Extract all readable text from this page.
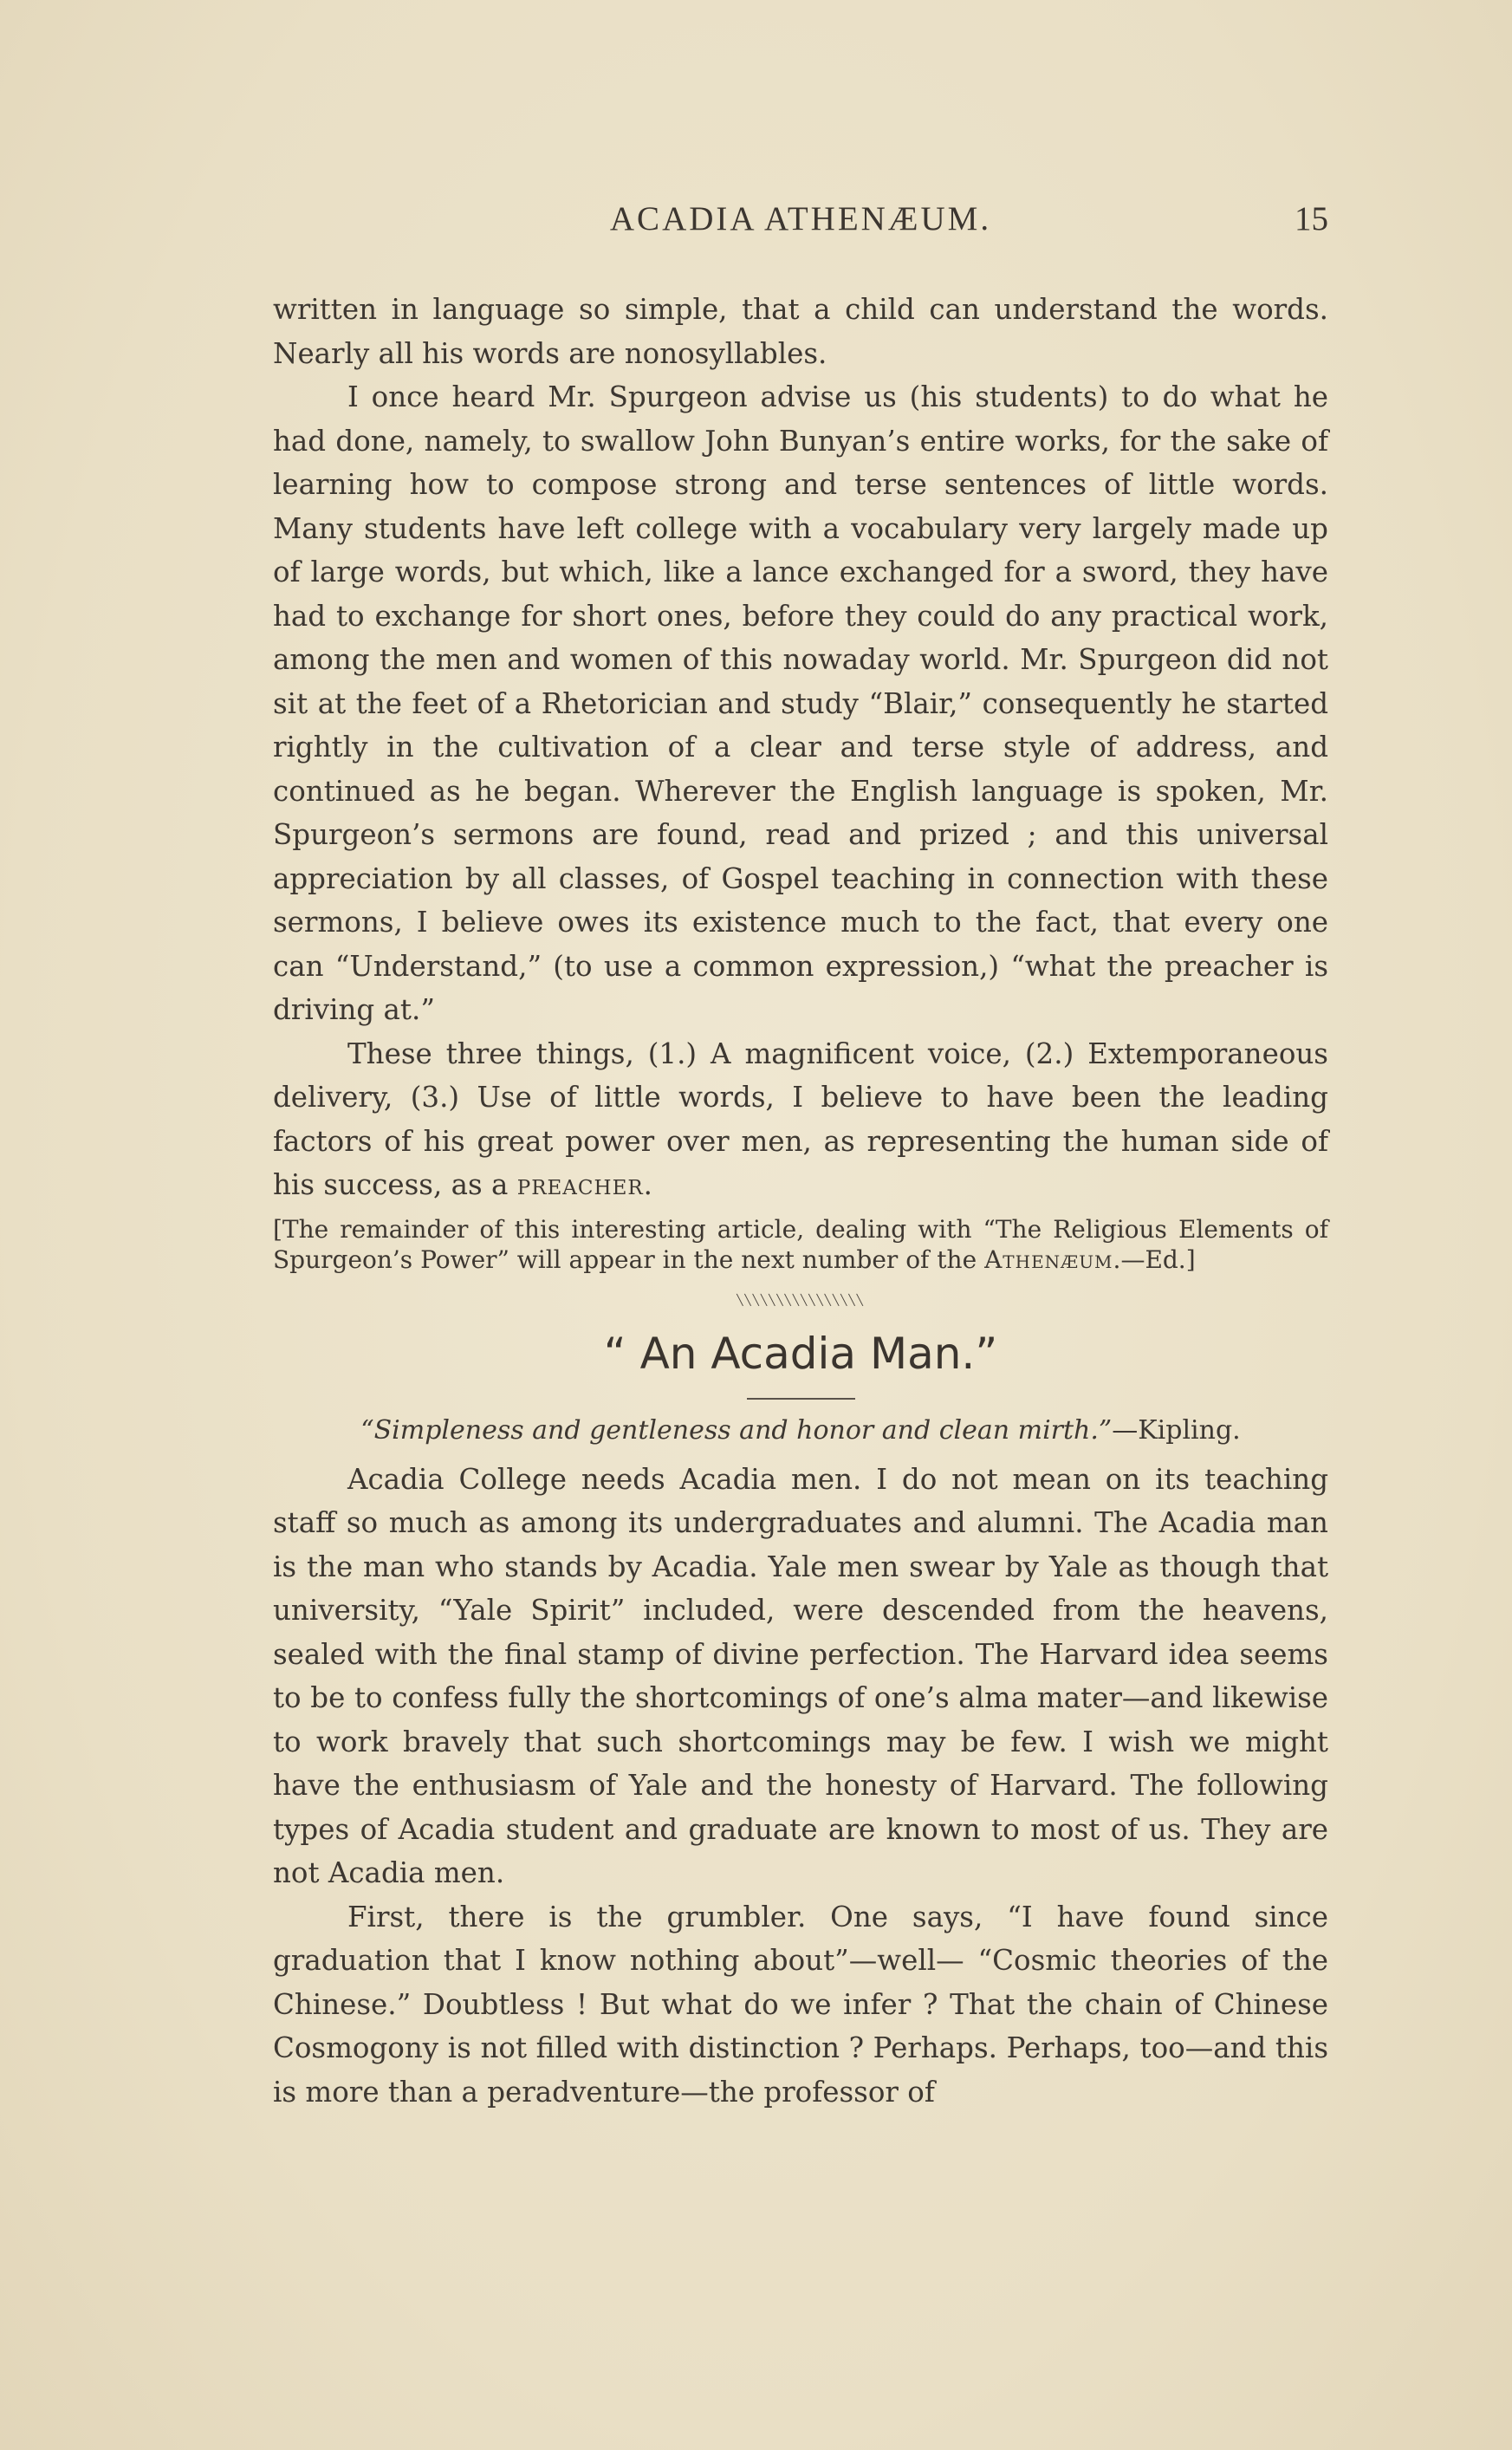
ACADIA ATHENÆUM.	15

written in language so simple, that a child can understand the words. Nearly all his words are nonosyllables.

I once heard Mr. Spurgeon advise us (his students) to do what he had done, namely, to swallow John Bunyan’s entire works, for the sake of learning how to compose strong and terse sentences of little words. Many students have left college with a vocabulary very largely made up of large words, but which, like a lance exchanged for a sword, they have had to exchange for short ones, before they could do any practical work, among the men and women of this nowaday world. Mr. Spurgeon did not sit at the feet of a Rhetorician and study “Blair,” consequently he started rightly in the cultivation of a clear and terse style of address, and continued as he began. Wherever the English language is spoken, Mr. Spurgeon’s sermons are found, read and prized ; and this universal appreciation by all classes, of Gospel teaching in connection with these sermons, I believe owes its existence much to the fact, that every one can “Understand,” (to use a common expression,) “what the preacher is driving at.”

These three things, (1.) A magnificent voice, (2.) Extemporaneous delivery, (3.) Use of little words, I believe to have been the leading factors of his great power over men, as representing the human side of his success, as a preacher.

[The remainder of this interesting article, dealing with “The Religious Elements of Spurgeon’s Power” will appear in the next number of the Athenæum.—Ed.]
╲╲╲╲╲╲╲╲╲╲╲╲╲╲╲╲
“ An Acadia Man.”
“Simpleness and gentleness and honor and clean mirth.”—Kipling.

Acadia College needs Acadia men. I do not mean on its teaching staff so much as among its undergraduates and alumni. The Acadia man is the man who stands by Acadia. Yale men swear by Yale as though that university, “Yale Spirit” included, were descended from the heavens, sealed with the final stamp of divine perfection. The Harvard idea seems to be to confess fully the shortcomings of one’s alma mater—and likewise to work bravely that such shortcomings may be few. I wish we might have the enthusiasm of Yale and the honesty of Harvard. The following types of Acadia student and graduate are known to most of us. They are not Acadia men.

First, there is the grumbler. One says, “I have found since graduation that I know nothing about”—well— “Cosmic theories of the Chinese.” Doubtless ! But what do we infer ? That the chain of Chinese Cosmogony is not filled with distinction ? Perhaps. Perhaps, too—and this is more than a peradventure—the professor of
